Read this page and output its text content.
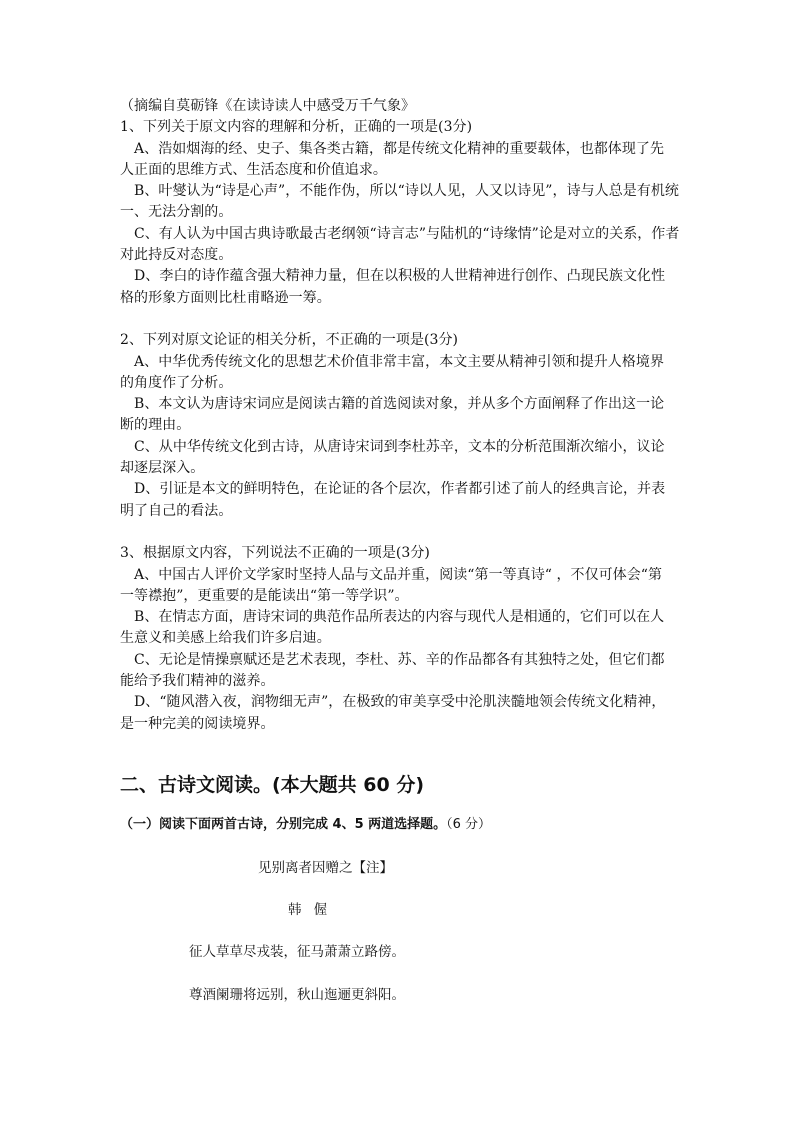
（摘编自莫砺锋《在读诗读人中感受万千气象》
1、下列关于原文内容的理解和分析，正确的一项是(3分)
A、浩如烟海的经、史子、集各类古籍，都是传统文化精神的重要载体，也都体现了先
人正面的思维方式、生活态度和价值追求。
B、叶燮认为“诗是心声”，不能作伪，所以“诗以人见，人又以诗见”，诗与人总是有机统
一、无法分割的。
C、有人认为中国古典诗歌最古老纲领“诗言志”与陆机的“诗缘情”论是对立的关系，作者
对此持反对态度。
D、李白的诗作蕴含强大精神力量，但在以积极的人世精神进行创作、凸现民族文化性
格的形象方面则比杜甫略逊一筹。
2、下列对原文论证的相关分析，不正确的一项是(3分)
A、中华优秀传统文化的思想艺术价值非常丰富，本文主要从精神引领和提升人格境界
的角度作了分析。
B、本文认为唐诗宋词应是阅读古籍的首选阅读对象，并从多个方面阐释了作出这一论
断的理由。
C、从中华传统文化到古诗，从唐诗宋词到李杜苏辛，文本的分析范围渐次缩小，议论
却逐层深入。
D、引证是本文的鲜明特色，在论证的各个层次，作者都引述了前人的经典言论，并表
明了自己的看法。
3、根据原文内容，下列说法不正确的一项是(3分)
A、中国古人评价文学家时坚持人品与文品并重，阅读“第一等真诗“ ，不仅可体会“第
一等襟抱”，更重要的是能读出“第一等学识”。
B、在情志方面，唐诗宋词的典范作品所表达的内容与现代人是相通的，它们可以在人
生意义和美感上给我们许多启迪。
C、无论是情操禀赋还是艺术表现，李杜、苏、辛的作品都各有其独特之处，但它们都
能给予我们精神的滋养。
D、“随风潜入夜，润物细无声”，在极致的审美享受中沦肌浃髓地领会传统文化精神，
是一种完美的阅读境界。
二、古诗文阅读。(本大题共 60 分)
（一）阅读下面两首古诗，分别完成 4、5 两道选择题。（6 分）
见别离者因赠之【注】
韩 偓
征人草草尽戎装，征马萧萧立路傍。
尊酒阑珊将远别，秋山迤逦更斜阳。
